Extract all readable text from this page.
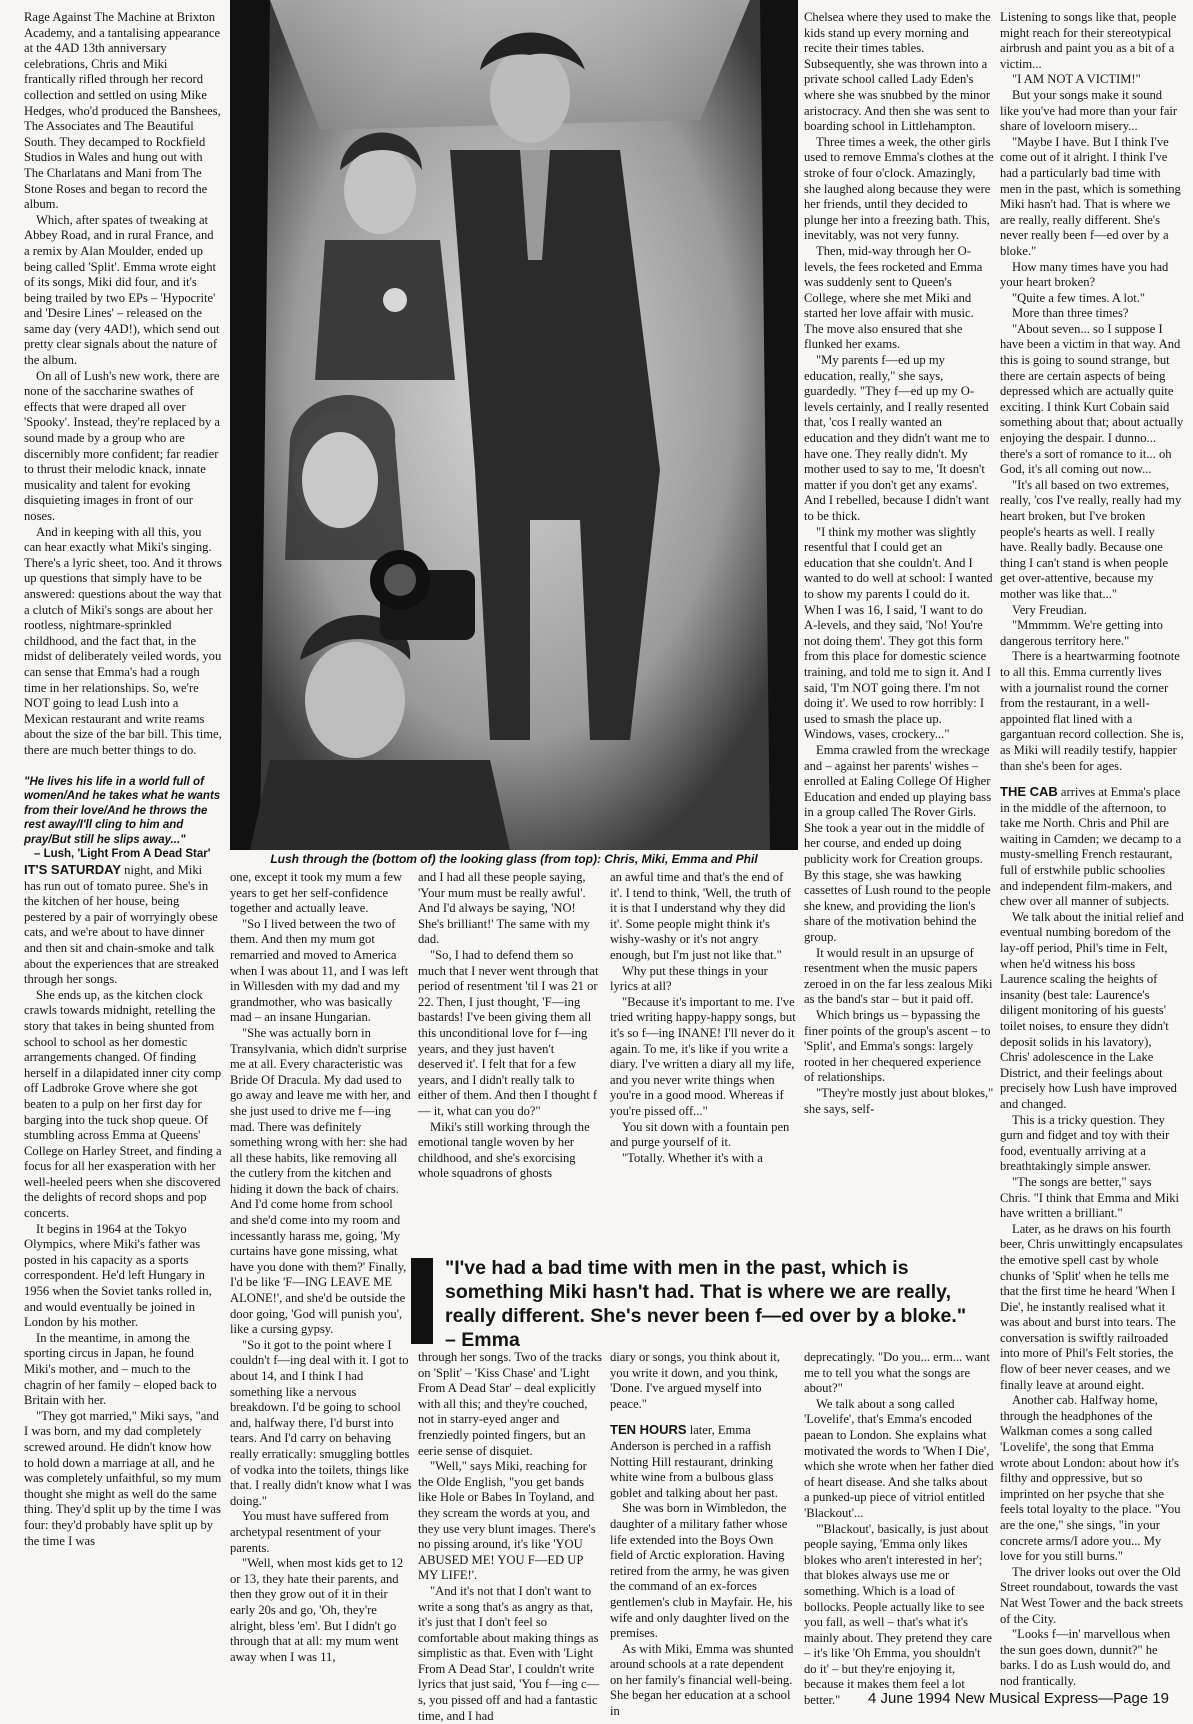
Rage Against The Machine at Brixton Academy, and a tantalising appearance at the 4AD 13th anniversary celebrations, Chris and Miki frantically rifled through her record collection and settled on using Mike Hedges, who'd produced the Banshees, The Associates and The Beautiful South. They decamped to Rockfield Studios in Wales and hung out with The Charlatans and Mani from The Stone Roses and began to record the album.

Which, after spates of tweaking at Abbey Road, and in rural France, and a remix by Alan Moulder, ended up being called 'Split'. Emma wrote eight of its songs, Miki did four, and it's being trailed by two EPs – 'Hypocrite' and 'Desire Lines' – released on the same day (very 4AD!), which send out pretty clear signals about the nature of the album.

On all of Lush's new work, there are none of the saccharine swathes of effects that were draped all over 'Spooky'. Instead, they're replaced by a sound made by a group who are discernibly more confident; far readier to thrust their melodic knack, innate musicality and talent for evoking disquieting images in front of our noses.

And in keeping with all this, you can hear exactly what Miki's singing. There's a lyric sheet, too. And it throws up questions that simply have to be answered: questions about the way that a clutch of Miki's songs are about her rootless, nightmare-sprinkled childhood, and the fact that, in the midst of deliberately veiled words, you can sense that Emma's had a rough time in her relationships. So, we're NOT going to lead Lush into a Mexican restaurant and write reams about the size of the bar bill. This time, there are much better things to do.

"He lives his life in a world full of women/And he takes what he wants from their love/And he throws the rest away/I'll cling to him and pray/But still he slips away..."

– Lush, 'Light From A Dead Star'

IT'S SATURDAY night, and Miki has run out of tomato puree. She's in the kitchen of her house, being pestered by a pair of worryingly obese cats, and we're about to have dinner and then sit and chain-smoke and talk about the experiences that are streaked through her songs.

She ends up, as the kitchen clock crawls towards midnight, retelling the story that takes in being shunted from school to school as her domestic arrangements changed. Of finding herself in a dilapidated inner city comp off Ladbroke Grove where she got beaten to a pulp on her first day for barging into the tuck shop queue. Of stumbling across Emma at Queens' College on Harley Street, and finding a focus for all her exasperation with her well-heeled peers when she discovered the delights of record shops and pop concerts.

It begins in 1964 at the Tokyo Olympics, where Miki's father was posted in his capacity as a sports correspondent. He'd left Hungary in 1956 when the Soviet tanks rolled in, and would eventually be joined in London by his mother.

In the meantime, in among the sporting circus in Japan, he found Miki's mother, and – much to the chagrin of her family – eloped back to Britain with her.

"They got married," Miki says, "and I was born, and my dad completely screwed around. He didn't know how to hold down a marriage at all, and he was completely unfaithful, so my mum thought she might as well do the same thing. They'd split up by the time I was four: they'd probably have split up by the time I was

Lush through the (bottom of) the looking glass (from top): Chris, Miki, Emma and Phil

one, except it took my mum a few years to get her self-confidence together and actually leave.

"So I lived between the two of them. And then my mum got remarried and moved to America when I was about 11, and I was left in Willesden with my dad and my grandmother, who was basically mad – an insane Hungarian.

"She was actually born in Transylvania, which didn't surprise me at all. Every characteristic was Bride Of Dracula. My dad used to go away and leave me with her, and she just used to drive me f—ing mad. There was definitely something wrong with her: she had all these habits, like removing all the cutlery from the kitchen and hiding it down the back of chairs. And I'd come home from school and she'd come into my room and incessantly harass me, going, 'My curtains have gone missing, what have you done with them?' Finally, I'd be like 'F—ING LEAVE ME ALONE!', and she'd be outside the door going, 'God will punish you', like a cursing gypsy.

"So it got to the point where I couldn't f—ing deal with it. I got to about 14, and I think I had something like a nervous breakdown. I'd be going to school and, halfway there, I'd burst into tears. And I'd carry on behaving really erratically: smuggling bottles of vodka into the toilets, things like that. I really didn't know what I was doing."

You must have suffered from archetypal resentment of your parents.

"Well, when most kids get to 12 or 13, they hate their parents, and then they grow out of it in their early 20s and go, 'Oh, they're alright, bless 'em'. But I didn't go through that at all: my mum went away when I was 11,

and I had all these people saying, 'Your mum must be really awful'. And I'd always be saying, 'NO! She's brilliant!' The same with my dad.

"So, I had to defend them so much that I never went through that period of resentment 'til I was 21 or 22. Then, I just thought, 'F—ing bastards! I've been giving them all this unconditional love for f—ing years, and they just haven't deserved it'. I felt that for a few years, and I didn't really talk to either of them. And then I thought f— it, what can you do?"

Miki's still working through the emotional tangle woven by her childhood, and she's exorcising whole squadrons of ghosts

an awful time and that's the end of it'. I tend to think, 'Well, the truth of it is that I understand why they did it'. Some people might think it's wishy-washy or it's not angry enough, but I'm just not like that."

Why put these things in your lyrics at all?

"Because it's important to me. I've tried writing happy-happy songs, but it's so f—ing INANE! I'll never do it again. To me, it's like if you write a diary. I've written a diary all my life, and you never write things when you're in a good mood. Whereas if you're pissed off..."

You sit down with a fountain pen and purge yourself of it.

"Totally. Whether it's with a

"I've had a bad time with men in the past, which is something Miki hasn't had. That is where we are really, really different. She's never been f—ed over by a bloke." – Emma

through her songs. Two of the tracks on 'Split' – 'Kiss Chase' and 'Light From A Dead Star' – deal explicitly with all this; and they're couched, not in starry-eyed anger and frenziedly pointed fingers, but an eerie sense of disquiet.

"Well," says Miki, reaching for the Olde English, "you get bands like Hole or Babes In Toyland, and they scream the words at you, and they use very blunt images. There's no pissing around, it's like 'YOU ABUSED ME! YOU F—ED UP MY LIFE!'.

"And it's not that I don't want to write a song that's as angry as that, it's just that I don't feel so comfortable about making things as simplistic as that. Even with 'Light From A Dead Star', I couldn't write lyrics that just said, 'You f—ing c—s, you pissed off and had a fantastic time, and I had

diary or songs, you think about it, you write it down, and you think, 'Done. I've argued myself into peace."

TEN HOURS later, Emma Anderson is perched in a raffish Notting Hill restaurant, drinking white wine from a bulbous glass goblet and talking about her past.

She was born in Wimbledon, the daughter of a military father whose life extended into the Boys Own field of Arctic exploration. Having retired from the army, he was given the command of an ex-forces gentlemen's club in Mayfair. He, his wife and only daughter lived on the premises.

As with Miki, Emma was shunted around schools at a rate dependent on her family's financial well-being. She began her education at a school in

Chelsea where they used to make the kids stand up every morning and recite their times tables. Subsequently, she was thrown into a private school called Lady Eden's where she was snubbed by the minor aristocracy. And then she was sent to boarding school in Littlehampton.

Three times a week, the other girls used to remove Emma's clothes at the stroke of four o'clock. Amazingly, she laughed along because they were her friends, until they decided to plunge her into a freezing bath. This, inevitably, was not very funny.

Then, mid-way through her O-levels, the fees rocketed and Emma was suddenly sent to Queen's College, where she met Miki and started her love affair with music. The move also ensured that she flunked her exams.

"My parents f—ed up my education, really," she says, guardedly. "They f—ed up my O-levels certainly, and I really resented that, 'cos I really wanted an education and they didn't want me to have one. They really didn't. My mother used to say to me, 'It doesn't matter if you don't get any exams'. And I rebelled, because I didn't want to be thick.

"I think my mother was slightly resentful that I could get an education that she couldn't. And I wanted to do well at school: I wanted to show my parents I could do it. When I was 16, I said, 'I want to do A-levels, and they said, 'No! You're not doing them'. They got this form from this place for domestic science training, and told me to sign it. And I said, 'I'm NOT going there. I'm not doing it'. We used to row horribly: I used to smash the place up. Windows, vases, crockery..."

Emma crawled from the wreckage and – against her parents' wishes – enrolled at Ealing College Of Higher Education and ended up playing bass in a group called The Rover Girls. She took a year out in the middle of her course, and ended up doing publicity work for Creation groups. By this stage, she was hawking cassettes of Lush round to the people she knew, and providing the lion's share of the motivation behind the group.

It would result in an upsurge of resentment when the music papers zeroed in on the far less zealous Miki as the band's star – but it paid off.

Which brings us – bypassing the finer points of the group's ascent – to 'Split', and Emma's songs: largely rooted in her chequered experience of relationships.

"They're mostly just about blokes," she says, self-

deprecatingly. "Do you... erm... want me to tell you what the songs are about?"

We talk about a song called 'Lovelife', that's Emma's encoded paean to London. She explains what motivated the words to 'When I Die', which she wrote when her father died of heart disease. And she talks about a punked-up piece of vitriol entitled 'Blackout'...

"'Blackout', basically, is just about people saying, 'Emma only likes blokes who aren't interested in her'; that blokes always use me or something. Which is a load of bollocks. People actually like to see you fall, as well – that's what it's mainly about. They pretend they care – it's like 'Oh Emma, you shouldn't do it' – but they're enjoying it, because it makes them feel a lot better."

Listening to songs like that, people might reach for their stereotypical airbrush and paint you as a bit of a victim...

"I AM NOT A VICTIM!"

But your songs make it sound like you've had more than your fair share of loveloorn misery...

"Maybe I have. But I think I've come out of it alright. I think I've had a particularly bad time with men in the past, which is something Miki hasn't had. That is where we are really, really different. She's never really been f—ed over by a bloke."

How many times have you had your heart broken?

"Quite a few times. A lot."

More than three times?

"About seven... so I suppose I have been a victim in that way. And this is going to sound strange, but there are certain aspects of being depressed which are actually quite exciting. I think Kurt Cobain said something about that; about actually enjoying the despair. I dunno... there's a sort of romance to it... oh God, it's all coming out now...

"It's all based on two extremes, really, 'cos I've really, really had my heart broken, but I've broken people's hearts as well. I really have. Really badly. Because one thing I can't stand is when people get over-attentive, because my mother was like that..."

Very Freudian.

"Mmmmm. We're getting into dangerous territory here."

There is a heartwarming footnote to all this. Emma currently lives with a journalist round the corner from the restaurant, in a well-appointed flat lined with a gargantuan record collection. She is, as Miki will readily testify, happier than she's been for ages.

THE CAB arrives at Emma's place in the middle of the afternoon, to take me North. Chris and Phil are waiting in Camden; we decamp to a musty-smelling French restaurant, full of erstwhile public schoolies and independent film-makers, and chew over all manner of subjects.

We talk about the initial relief and eventual numbing boredom of the lay-off period, Phil's time in Felt, when he'd witness his boss Laurence scaling the heights of insanity (best tale: Laurence's diligent monitoring of his guests' toilet noises, to ensure they didn't deposit solids in his lavatory), Chris' adolescence in the Lake District, and their feelings about precisely how Lush have improved and changed.

This is a tricky question. They gurn and fidget and toy with their food, eventually arriving at a breathtakingly simple answer.

"The songs are better," says Chris. "I think that Emma and Miki have written a brilliant."

Later, as he draws on his fourth beer, Chris unwittingly encapsulates the emotive spell cast by whole chunks of 'Split' when he tells me that the first time he heard 'When I Die', he instantly realised what it was about and burst into tears. The conversation is swiftly railroaded into more of Phil's Felt stories, the flow of beer never ceases, and we finally leave at around eight.

Another cab. Halfway home, through the headphones of the Walkman comes a song called 'Lovelife', the song that Emma wrote about London: about how it's filthy and oppressive, but so imprinted on her psyche that she feels total loyalty to the place. "You are the one," she sings, "in your concrete arms/I adore you... My love for you still burns."

The driver looks out over the Old Street roundabout, towards the vast Nat West Tower and the back streets of the City.

"Looks f—in' marvellous when the sun goes down, dunnit?" he barks. I do as Lush would do, and nod frantically.

4 June 1994 New Musical Express—Page 19
